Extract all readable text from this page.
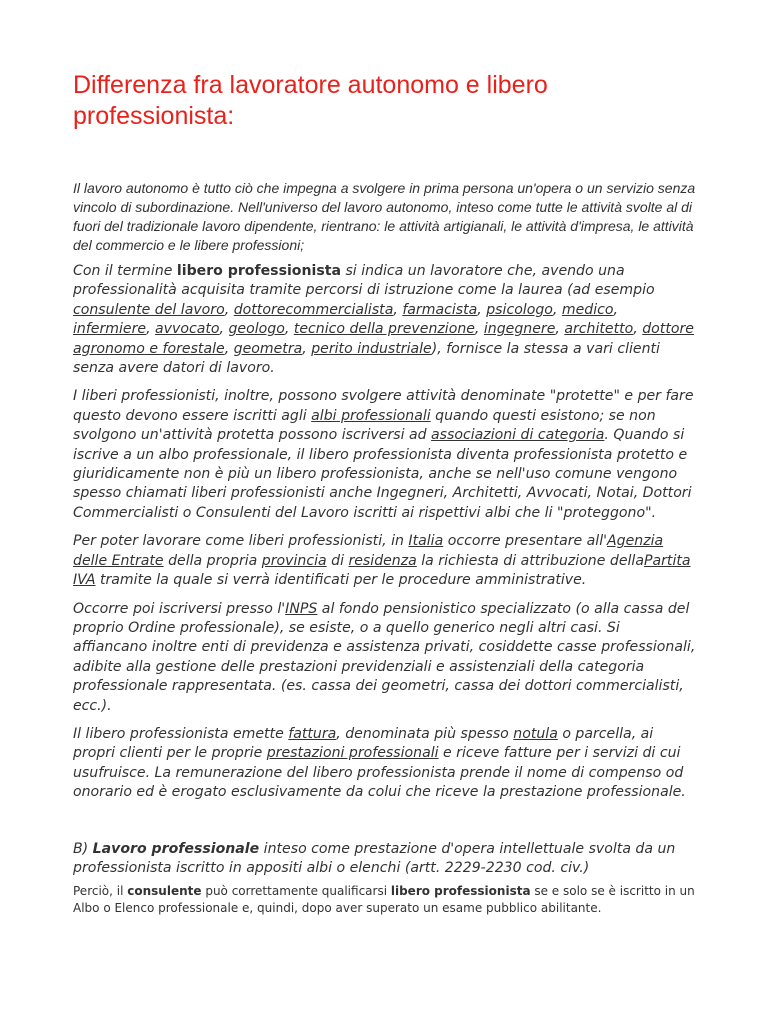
Differenza fra lavoratore autonomo e libero professionista:

Il lavoro autonomo è tutto ciò che impegna a svolgere in prima persona un'opera o un servizio senza vincolo di subordinazione. Nell'universo del lavoro autonomo, inteso come tutte le attività svolte al di fuori del tradizionale lavoro dipendente, rientrano: le attività artigianali, le attività d'impresa, le attività del commercio e le libere professioni;

Con il termine libero professionista si indica un lavoratore che, avendo una professionalità acquisita tramite percorsi di istruzione come la laurea (ad esempio consulente del lavoro, dottorecommercialista, farmacista, psicologo, medico, infermiere, avvocato, geologo, tecnico della prevenzione, ingegnere, architetto, dottore agronomo e forestale, geometra, perito industriale), fornisce la stessa a vari clienti senza avere datori di lavoro.

I liberi professionisti, inoltre, possono svolgere attività denominate "protette" e per fare questo devono essere iscritti agli albi professionali quando questi esistono; se non svolgono un'attività protetta possono iscriversi ad associazioni di categoria. Quando si iscrive a un albo professionale, il libero professionista diventa professionista protetto e giuridicamente non è più un libero professionista, anche se nell'uso comune vengono spesso chiamati liberi professionisti anche Ingegneri, Architetti, Avvocati, Notai, Dottori Commercialisti o Consulenti del Lavoro iscritti ai rispettivi albi che li "proteggono".

Per poter lavorare come liberi professionisti, in Italia occorre presentare all'Agenzia delle Entrate della propria provincia di residenza la richiesta di attribuzione dellaPartita IVA tramite la quale si verrà identificati per le procedure amministrative.

Occorre poi iscriversi presso l'INPS al fondo pensionistico specializzato (o alla cassa del proprio Ordine professionale), se esiste, o a quello generico negli altri casi. Si affiancano inoltre enti di previdenza e assistenza privati, cosiddette casse professionali, adibite alla gestione delle prestazioni previdenziali e assistenziali della categoria professionale rappresentata. (es. cassa dei geometri, cassa dei dottori commercialisti, ecc.).

Il libero professionista emette fattura, denominata più spesso notula o parcella, ai propri clienti per le proprie prestazioni professionali e riceve fatture per i servizi di cui usufruisce. La remunerazione del libero professionista prende il nome di compenso od onorario ed è erogato esclusivamente da colui che riceve la prestazione professionale.

B) Lavoro professionale inteso come prestazione d'opera intellettuale svolta da un professionista iscritto in appositi albi o elenchi (artt. 2229-2230 cod. civ.)

Perciò, il consulente può correttamente qualificarsi libero professionista se e solo se è iscritto in un Albo o Elenco professionale e, quindi, dopo aver superato un esame pubblico abilitante.
